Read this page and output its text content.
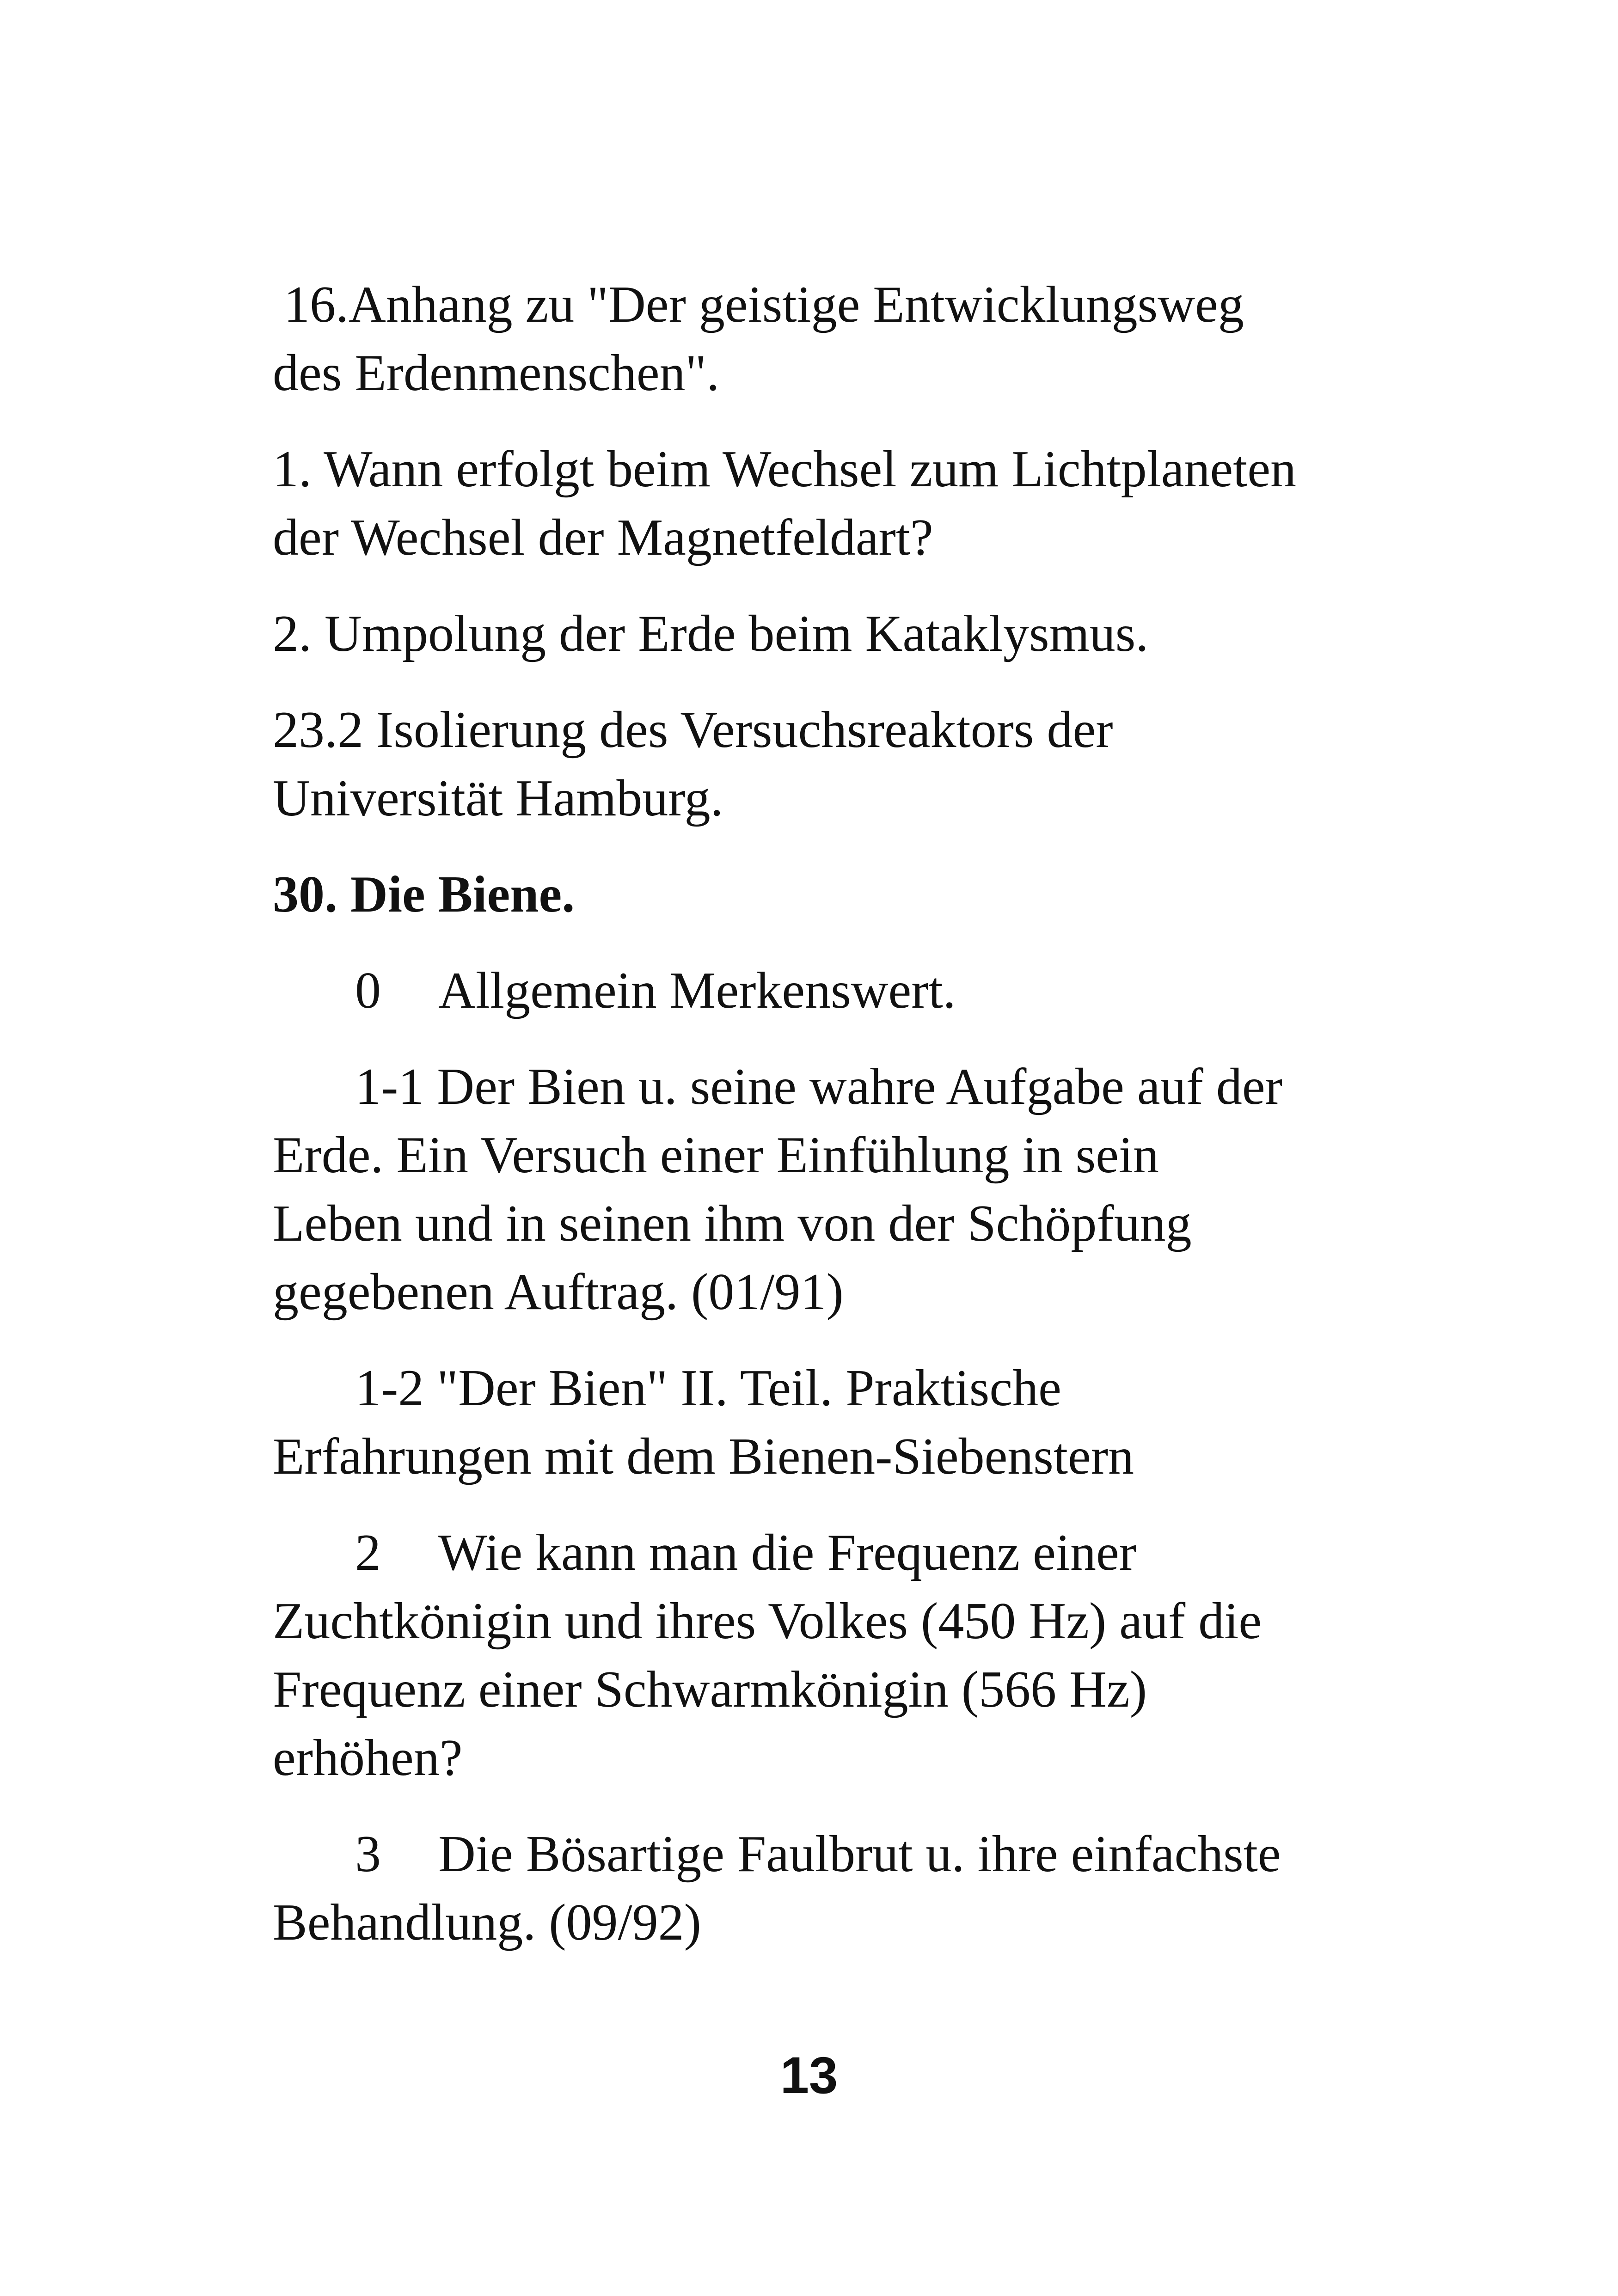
16.Anhang zu "Der geistige Entwicklungsweg
des Erdenmenschen".

1. Wann erfolgt beim Wechsel zum Lichtplaneten
der Wechsel der Magnetfeldart?

2. Umpolung der Erde beim Kataklysmus.

23.2 Isolierung des Versuchsreaktors der
Universität Hamburg.

30. Die Biene.

0 Allgemein Merkenswert.

1-1 Der Bien u. seine wahre Aufgabe auf der
Erde. Ein Versuch einer Einfühlung in sein
Leben und in seinen ihm von der Schöpfung
gegebenen Auftrag. (01/91)

1-2 "Der Bien" II. Teil. Praktische
Erfahrungen mit dem Bienen-Siebenstern

2 Wie kann man die Frequenz einer
Zuchtkönigin und ihres Volkes (450 Hz) auf die
Frequenz einer Schwarmkönigin (566 Hz)
erhöhen?

3 Die Bösartige Faulbrut u. ihre einfachste
Behandlung. (09/92)

13
